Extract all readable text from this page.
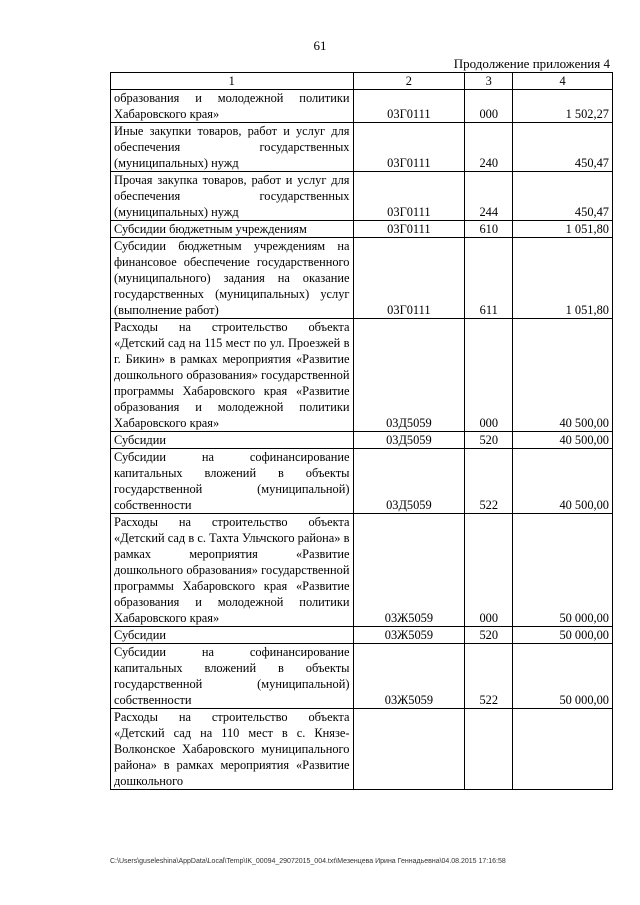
61
Продолжение приложения 4
1	2	3	4
образования и молодежной политики Хабаровского края»	03Г0111	000	1 502,27
Иные закупки товаров, работ и услуг для обеспечения государственных (муниципальных) нужд	03Г0111	240	450,47
Прочая закупка товаров, работ и услуг для обеспечения государственных (муниципальных) нужд	03Г0111	244	450,47
Субсидии бюджетным учреждениям	03Г0111	610	1 051,80
Субсидии бюджетным учреждениям на финансовое обеспечение государственного (муниципального) задания на оказание государственных (муниципальных) услуг (выполнение работ)	03Г0111	611	1 051,80
Расходы на строительство объекта «Детский сад на 115 мест по ул. Проезжей в г. Бикин» в рамках мероприятия «Развитие дошкольного образования» государственной программы Хабаровского края «Развитие образования и молодежной политики Хабаровского края»	03Д5059	000	40 500,00
Субсидии	03Д5059	520	40 500,00
Субсидии на софинансирование капитальных вложений в объекты государственной (муниципальной) собственности	03Д5059	522	40 500,00
Расходы на строительство объекта «Детский сад в с. Тахта Ульчского района» в рамках мероприятия «Развитие дошкольного образования» государственной программы Хабаровского края «Развитие образования и молодежной политики Хабаровского края»	03Ж5059	000	50 000,00
Субсидии	03Ж5059	520	50 000,00
Субсидии на софинансирование капитальных вложений в объекты государственной (муниципальной) собственности	03Ж5059	522	50 000,00
Расходы на строительство объекта «Детский сад на 110 мест в с. Князе-Волконское Хабаровского муниципального района» в рамках мероприятия «Развитие дошкольного			
C:\Users\guseleshina\AppData\Local\Temp\IK_00094_29072015_004.txt\Мезенцева Ирина Геннадьевна\04.08.2015 17:16:58
